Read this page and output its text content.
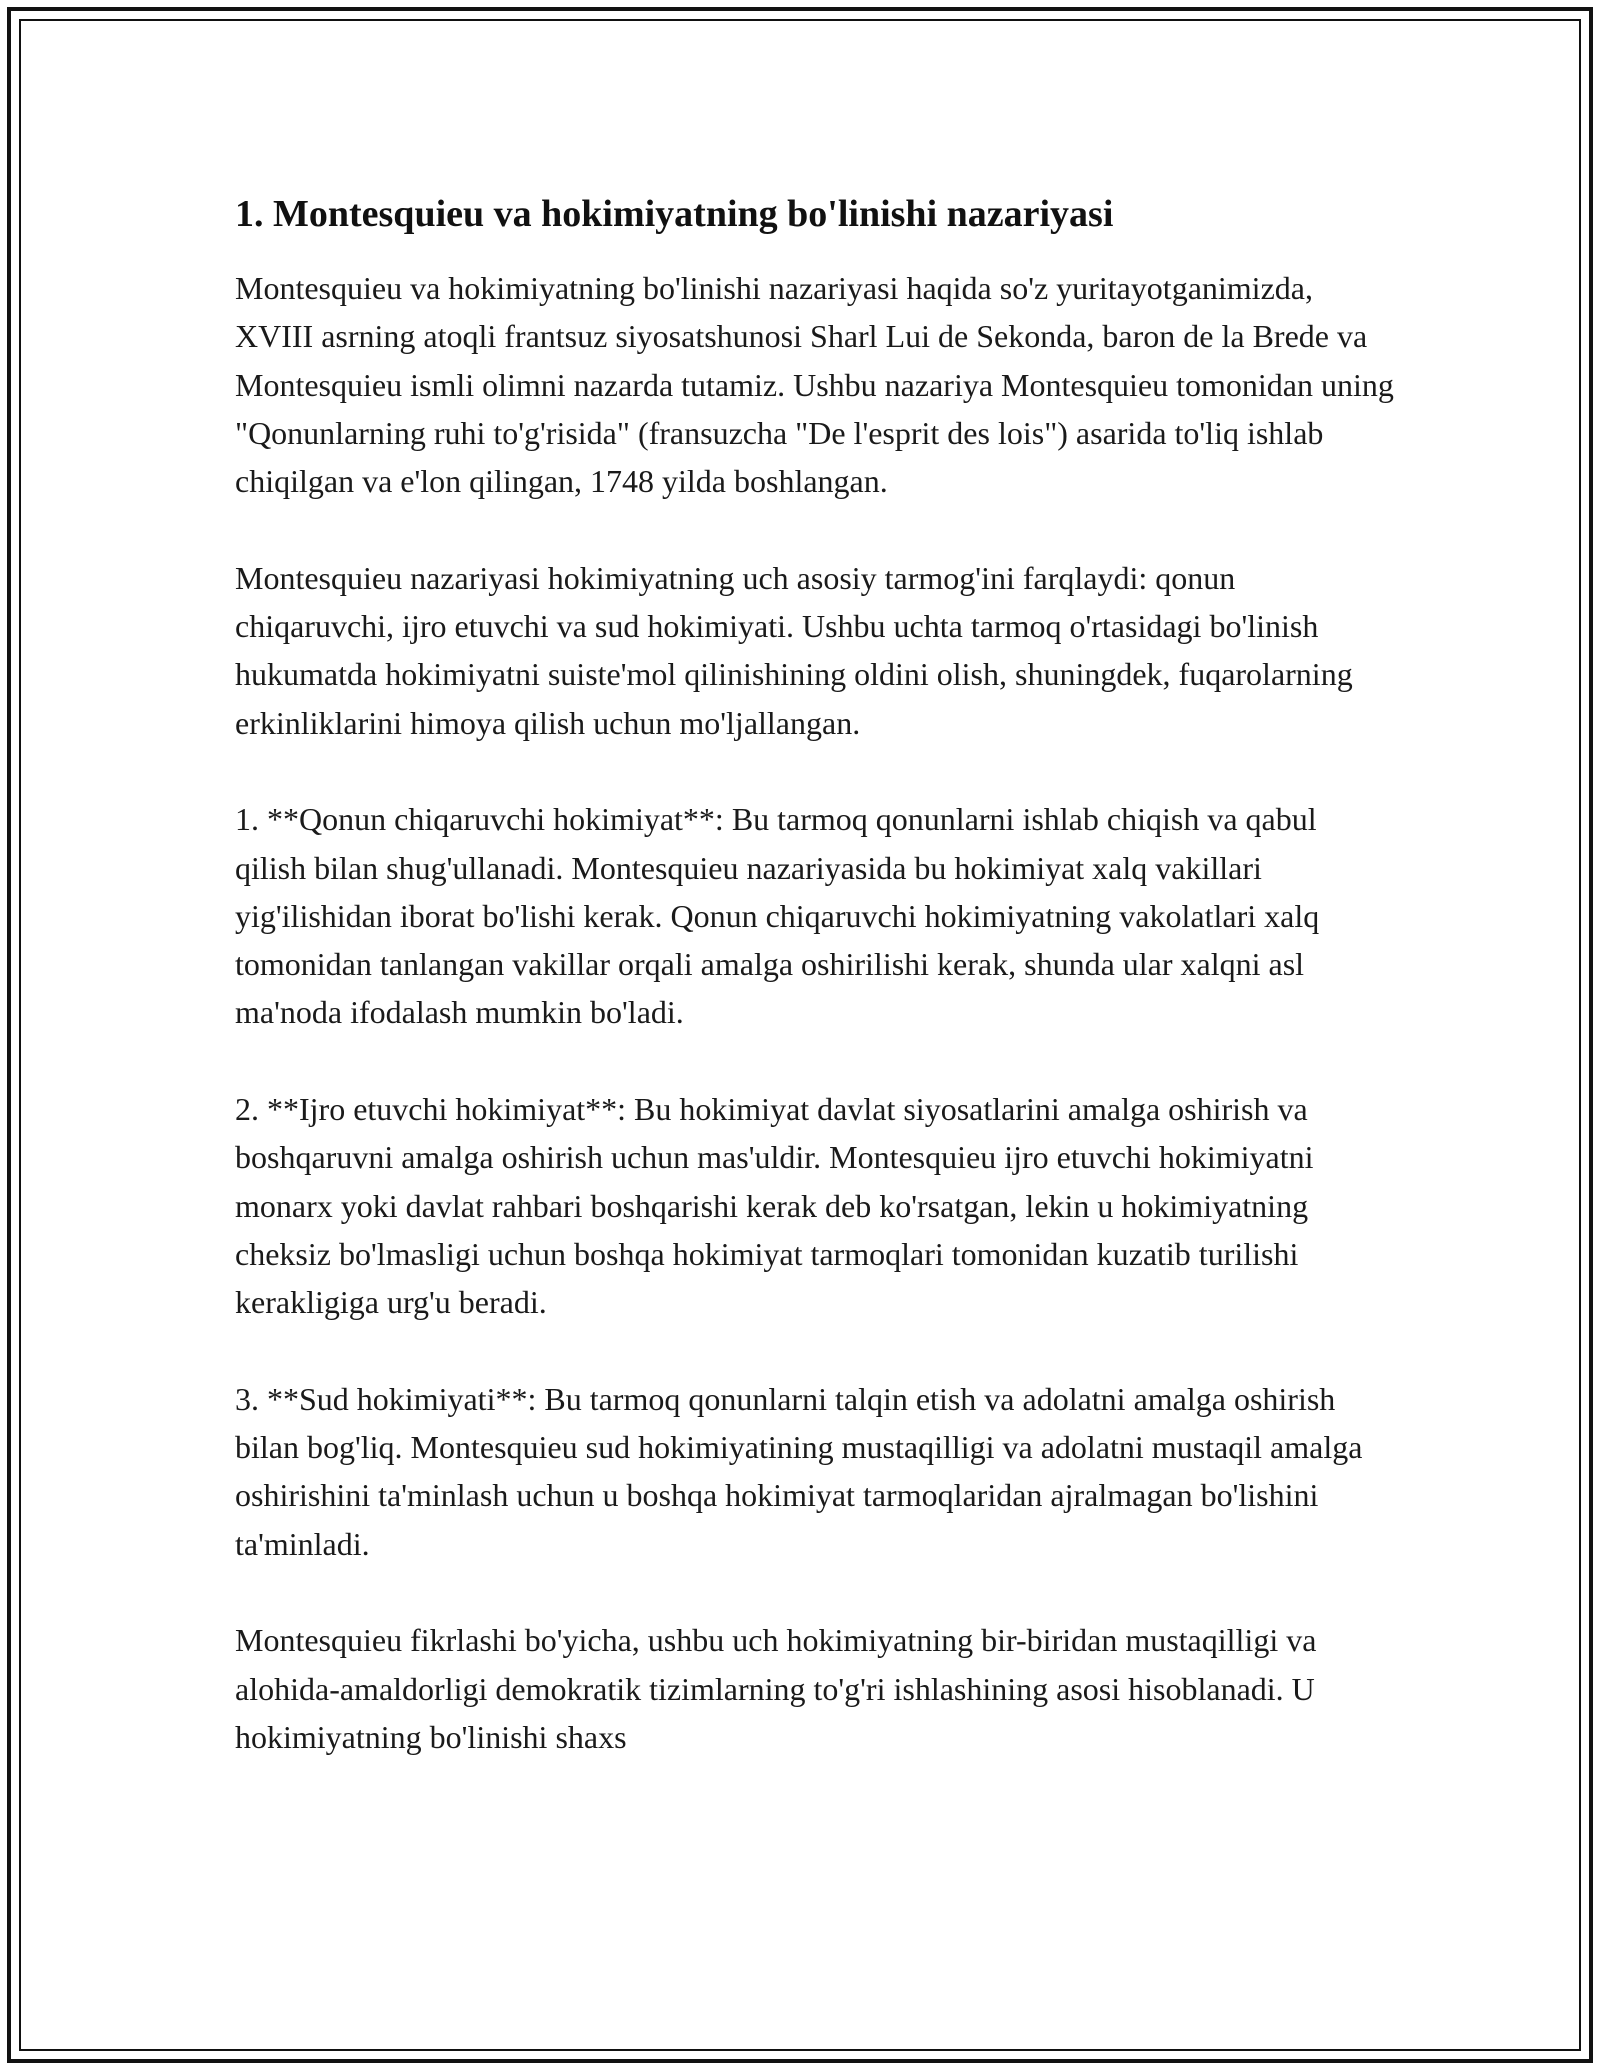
1. Montesquieu va hokimiyatning bo'linishi nazariyasi

Montesquieu va hokimiyatning bo'linishi nazariyasi haqida so'z yuritayotganimizda, XVIII asrning atoqli frantsuz siyosatshunosi Sharl Lui de Sekonda, baron de la Brede va Montesquieu ismli olimni nazarda tutamiz. Ushbu nazariya Montesquieu tomonidan uning "Qonunlarning ruhi to'g'risida" (fransuzcha "De l'esprit des lois") asarida to'liq ishlab chiqilgan va e'lon qilingan, 1748 yilda boshlangan.

Montesquieu nazariyasi hokimiyatning uch asosiy tarmog'ini farqlaydi: qonun chiqaruvchi, ijro etuvchi va sud hokimiyati. Ushbu uchta tarmoq o'rtasidagi bo'linish hukumatda hokimiyatni suiste'mol qilinishining oldini olish, shuningdek, fuqarolarning erkinliklarini himoya qilish uchun mo'ljallangan.

1. **Qonun chiqaruvchi hokimiyat**: Bu tarmoq qonunlarni ishlab chiqish va qabul qilish bilan shug'ullanadi. Montesquieu nazariyasida bu hokimiyat xalq vakillari yig'ilishidan iborat bo'lishi kerak. Qonun chiqaruvchi hokimiyatning vakolatlari xalq tomonidan tanlangan vakillar orqali amalga oshirilishi kerak, shunda ular xalqni asl ma'noda ifodalash mumkin bo'ladi.

2. **Ijro etuvchi hokimiyat**: Bu hokimiyat davlat siyosatlarini amalga oshirish va boshqaruvni amalga oshirish uchun mas'uldir. Montesquieu ijro etuvchi hokimiyatni monarx yoki davlat rahbari boshqarishi kerak deb ko'rsatgan, lekin u hokimiyatning cheksiz bo'lmasligi uchun boshqa hokimiyat tarmoqlari tomonidan kuzatib turilishi kerakligiga urg'u beradi.

3. **Sud hokimiyati**: Bu tarmoq qonunlarni talqin etish va adolatni amalga oshirish bilan bog'liq. Montesquieu sud hokimiyatining mustaqilligi va adolatni mustaqil amalga oshirishini ta'minlash uchun u boshqa hokimiyat tarmoqlaridan ajralmagan bo'lishini ta'minladi.

Montesquieu fikrlashi bo'yicha, ushbu uch hokimiyatning bir-biridan mustaqilligi va alohida-amaldorligi demokratik tizimlarning to'g'ri ishlashining asosi hisoblanadi. U hokimiyatning bo'linishi shaxs
